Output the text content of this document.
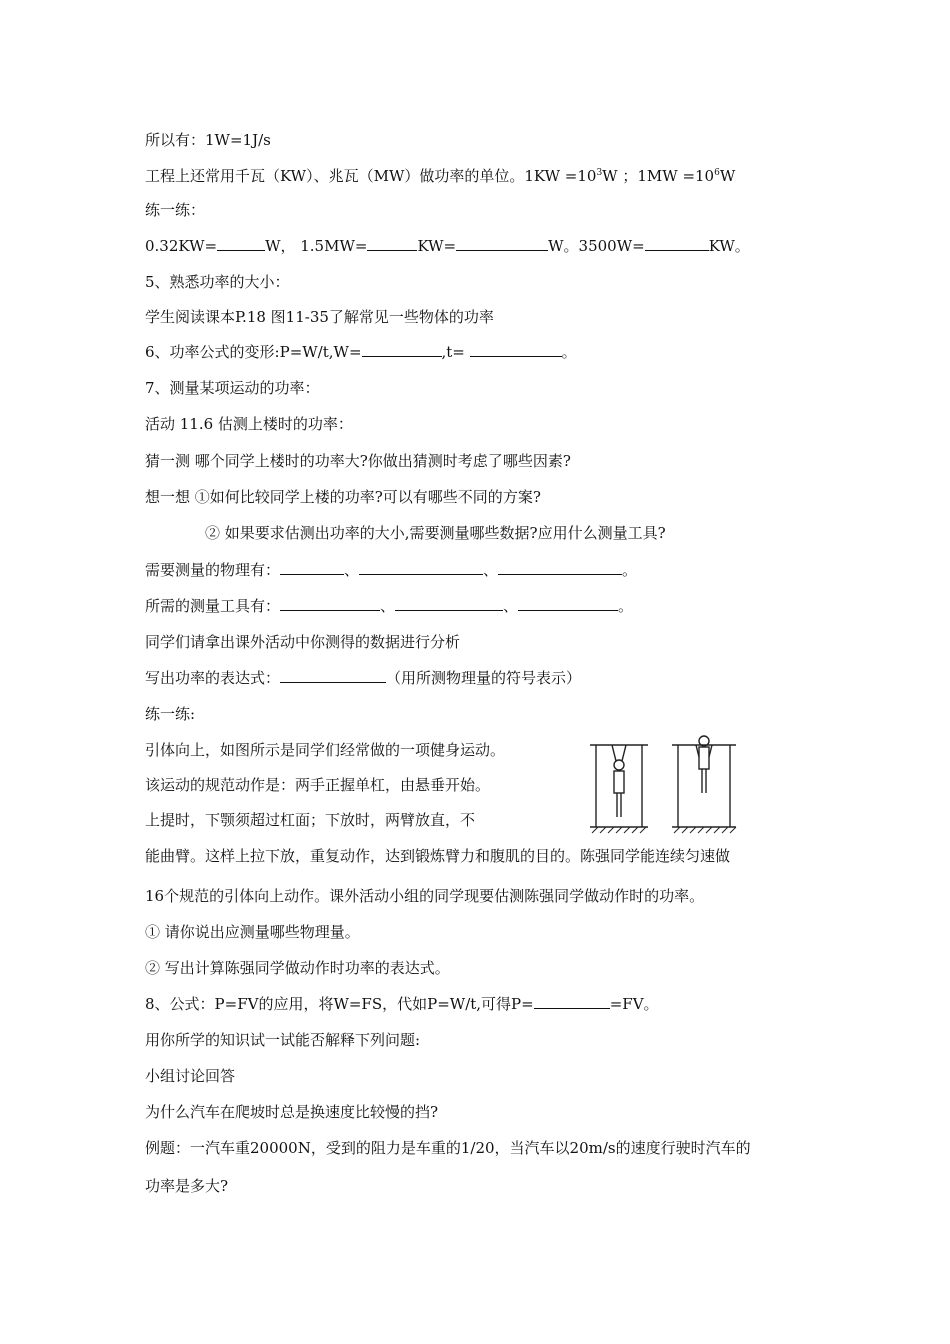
所以有：1W=1J/s
工程上还常用千瓦（KW）、兆瓦（MW）做功率的单位。$1KW =10^3W$ ；$1MW =10^6W$
练一练：
0.32KW=	W， 1.5MW=	KW=	W。3500W=	KW。
5、熟悉功率的大小：
学生阅读课本P.18 图11-35了解常见一些物体的功率
6、功率公式的变形:P=W/t,W=	,t=	。
7、测量某项运动的功率：
活动 11.6 估测上楼时的功率：
猜一测 哪个同学上楼时的功率大?你做出猜测时考虑了哪些因素?
想一想 ①如何比较同学上楼的功率?可以有哪些不同的方案?
② 如果要求估测出功率的大小,需要测量哪些数据?应用什么测量工具?
需要测量的物理有：	、	、	。
所需的测量工具有：	、	、	。
同学们请拿出课外活动中你测得的数据进行分析
写出功率的表达式：	（用所测物理量的符号表示）
练一练:
引体向上，如图所示是同学们经常做的一项健身运动。
该运动的规范动作是：两手正握单杠，由悬垂开始。
上提时，下颚须超过杠面；下放时，两臂放直，不
能曲臂。这样上拉下放，重复动作，达到锻炼臂力和腹肌的目的。陈强同学能连续匀速做
16个规范的引体向上动作。课外活动小组的同学现要估测陈强同学做动作时的功率。
① 请你说出应测量哪些物理量。
② 写出计算陈强同学做动作时功率的表达式。
8、公式：P=FV的应用，将W=FS，代如P=W/t,可得P=	=FV。
用你所学的知识试一试能否解释下列问题:
小组讨论回答
为什么汽车在爬坡时总是换速度比较慢的挡?
例题：一汽车重20000N，受到的阻力是车重的1/20，当汽车以20m/s的速度行驶时汽车的
功率是多大?
